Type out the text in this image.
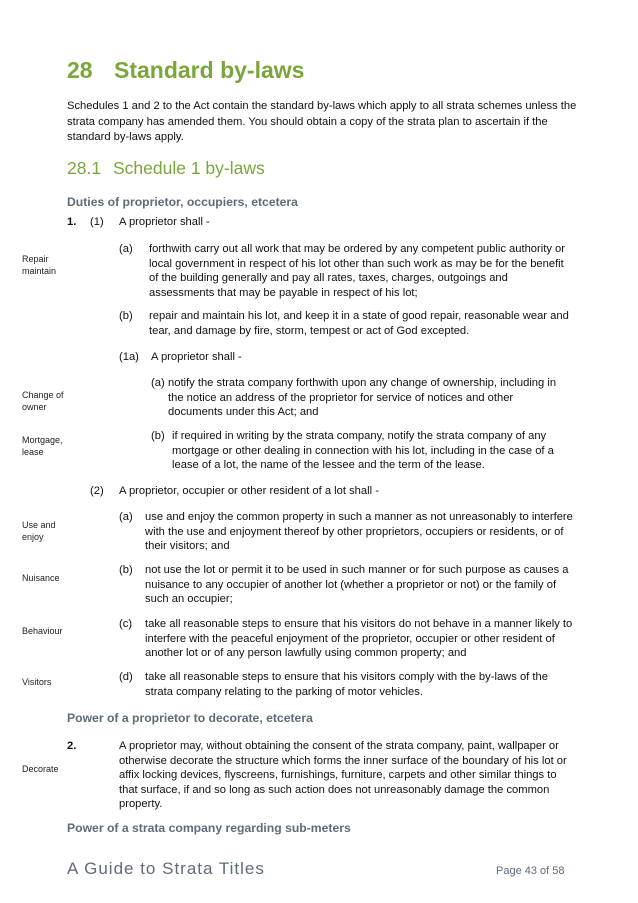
28 Standard by-laws
Schedules 1 and 2 to the Act contain the standard by-laws which apply to all strata schemes unless the strata company has amended them. You should obtain a copy of the strata plan to ascertain if the standard by-laws apply.
28.1 Schedule 1 by-laws
Duties of proprietor, occupiers, etcetera
1. (1) A proprietor shall -
(a)	forthwith carry out all work that may be ordered by any competent public authority or local government in respect of his lot other than such work as may be for the benefit of the building generally and pay all rates, taxes, charges, outgoings and assessments that may be payable in respect of his lot;
(b)	repair and maintain his lot, and keep it in a state of good repair, reasonable wear and tear, and damage by fire, storm, tempest or act of God excepted.
(1a) A proprietor shall -
(a) notify the strata company forthwith upon any change of ownership, including in the notice an address of the proprietor for service of notices and other documents under this Act; and
(b) if required in writing by the strata company, notify the strata company of any mortgage or other dealing in connection with his lot, including in the case of a lease of a lot, the name of the lessee and the term of the lease.
(2) A proprietor, occupier or other resident of a lot shall -
(a)	use and enjoy the common property in such a manner as not unreasonably to interfere with the use and enjoyment thereof by other proprietors, occupiers or residents, or of their visitors; and
(b)	not use the lot or permit it to be used in such manner or for such purpose as causes a nuisance to any occupier of another lot (whether a proprietor or not) or the family of such an occupier;
(c)	take all reasonable steps to ensure that his visitors do not behave in a manner likely to interfere with the peaceful enjoyment of the proprietor, occupier or other resident of another lot or of any person lawfully using common property; and
(d)	take all reasonable steps to ensure that his visitors comply with the by-laws of the strata company relating to the parking of motor vehicles.
Power of a proprietor to decorate, etcetera
2.	A proprietor may, without obtaining the consent of the strata company, paint, wallpaper or otherwise decorate the structure which forms the inner surface of the boundary of his lot or affix locking devices, flyscreens, furnishings, furniture, carpets and other similar things to that surface, if and so long as such action does not unreasonably damage the common property.
Power of a strata company regarding sub-meters
Repair maintain
Change of owner
Mortgage, lease
Use and enjoy
Nuisance
Behaviour
Visitors
Decorate
A Guide to Strata Titles	Page 43 of 58
